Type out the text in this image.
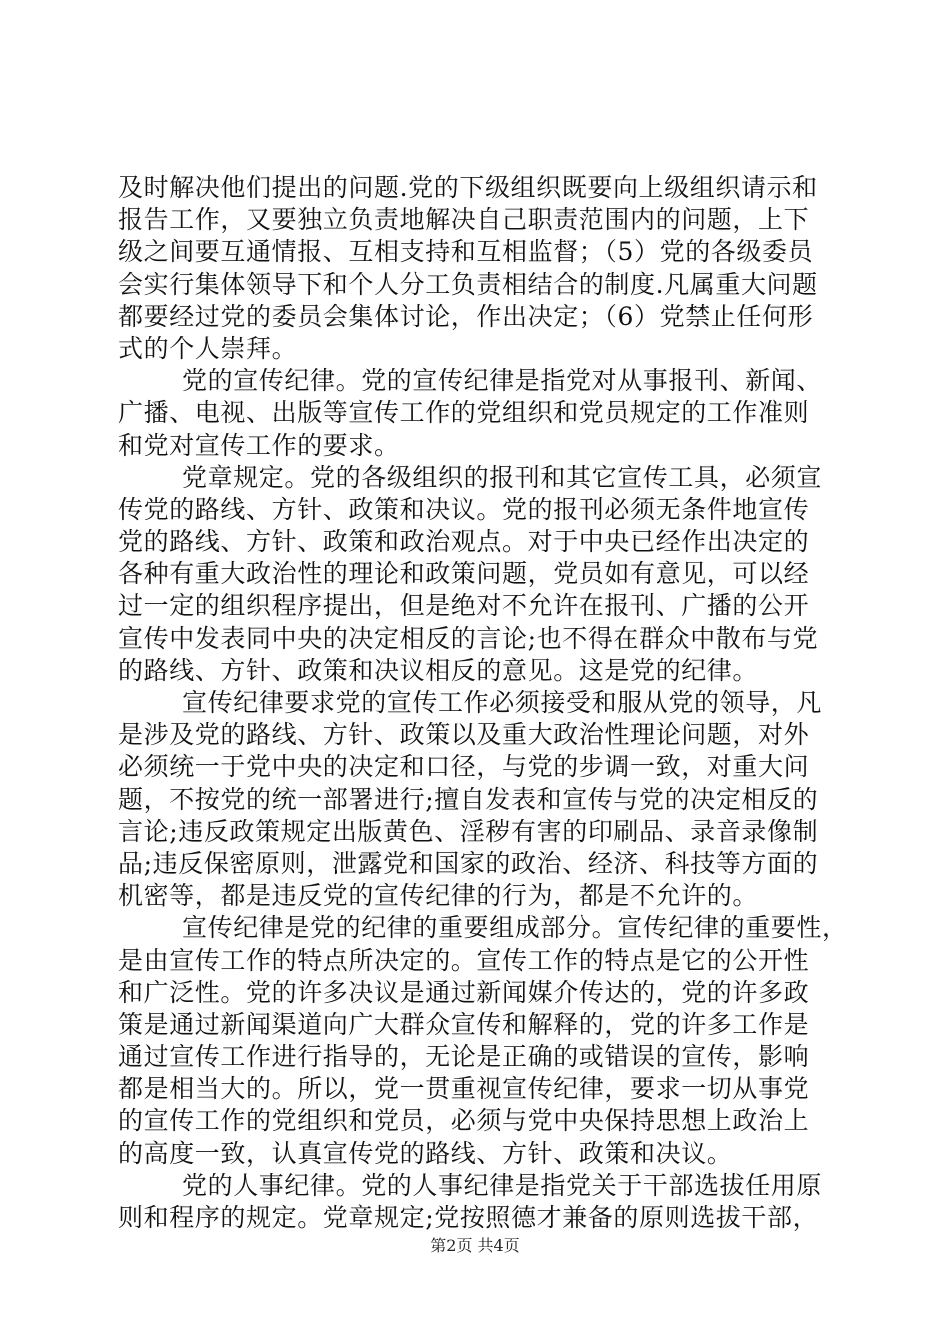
及时解决他们提出的问题.党的下级组织既要向上级组织请示和
报告工作，又要独立负责地解决自己职责范围内的问题，上下
级之间要互通情报、互相支持和互相监督；（5）党的各级委员
会实行集体领导下和个人分工负责相结合的制度.凡属重大问题
都要经过党的委员会集体讨论，作出决定；（6）党禁止任何形
式的个人崇拜。
党的宣传纪律。党的宣传纪律是指党对从事报刊、新闻、
广播、电视、出版等宣传工作的党组织和党员规定的工作准则
和党对宣传工作的要求。
党章规定。党的各级组织的报刊和其它宣传工具，必须宣
传党的路线、方针、政策和决议。党的报刊必须无条件地宣传
党的路线、方针、政策和政治观点。对于中央已经作出决定的
各种有重大政治性的理论和政策问题，党员如有意见，可以经
过一定的组织程序提出，但是绝对不允许在报刊、广播的公开
宣传中发表同中央的决定相反的言论;也不得在群众中散布与党
的路线、方针、政策和决议相反的意见。这是党的纪律。
宣传纪律要求党的宣传工作必须接受和服从党的领导，凡
是涉及党的路线、方针、政策以及重大政治性理论问题，对外
必须统一于党中央的决定和口径，与党的步调一致，对重大问
题，不按党的统一部署进行;擅自发表和宣传与党的决定相反的
言论;违反政策规定出版黄色、淫秽有害的印刷品、录音录像制
品;违反保密原则，泄露党和国家的政治、经济、科技等方面的
机密等，都是违反党的宣传纪律的行为，都是不允许的。
宣传纪律是党的纪律的重要组成部分。宣传纪律的重要性，
是由宣传工作的特点所决定的。宣传工作的特点是它的公开性
和广泛性。党的许多决议是通过新闻媒介传达的，党的许多政
策是通过新闻渠道向广大群众宣传和解释的，党的许多工作是
通过宣传工作进行指导的，无论是正确的或错误的宣传，影响
都是相当大的。所以，党一贯重视宣传纪律，要求一切从事党
的宣传工作的党组织和党员，必须与党中央保持思想上政治上
的高度一致，认真宣传党的路线、方针、政策和决议。
党的人事纪律。党的人事纪律是指党关于干部选拔任用原
则和程序的规定。党章规定;党按照德才兼备的原则选拔干部，
第2页 共4页
